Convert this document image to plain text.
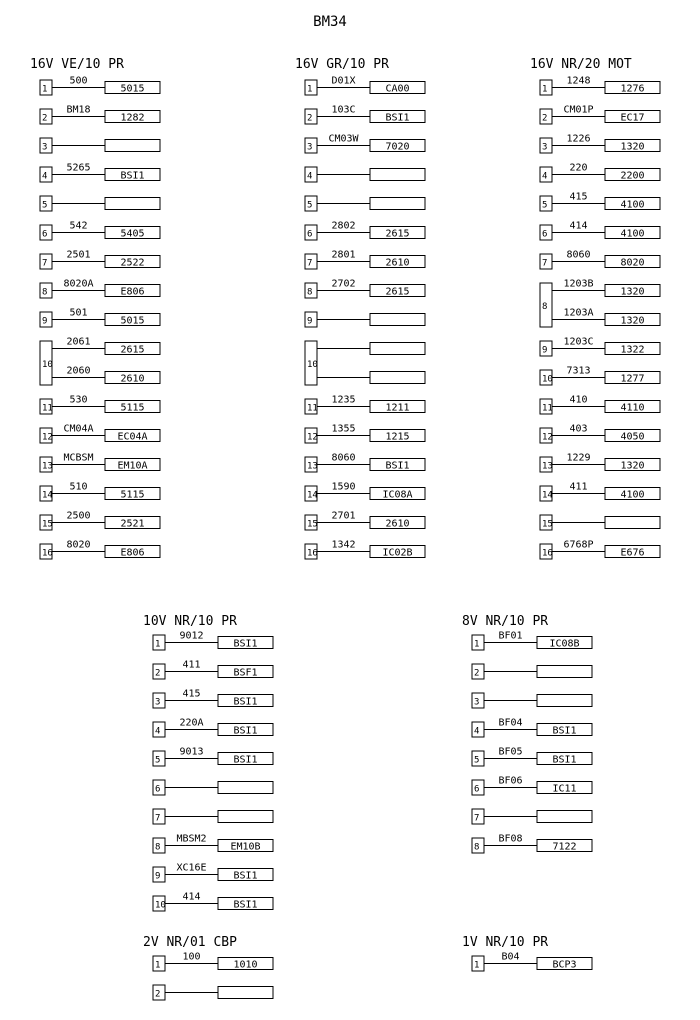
BM34
16V VE/10 PR
1
500
5015
2
BM18
1282
3
4
5265
BSI1
5
6
542
5405
7
2501
2522
8
8020A
E806
9
501
5015
10
2061
2615
2060
2610
11
530
5115
12
CM04A
EC04A
13
MCBSM
EM10A
14
510
5115
15
2500
2521
16
8020
E806
16V GR/10 PR
1
D01X
CA00
2
103C
BSI1
3
CM03W
7020
4
5
6
2802
2615
7
2801
2610
8
2702
2615
9
10
11
1235
1211
12
1355
1215
13
8060
BSI1
14
1590
IC08A
15
2701
2610
16
1342
IC02B
16V NR/20 MOT
1
1248
1276
2
CM01P
EC17
3
1226
1320
4
220
2200
5
415
4100
6
414
4100
7
8060
8020
8
1203B
1320
1203A
1320
9
1203C
1322
10
7313
1277
11
410
4110
12
403
4050
13
1229
1320
14
411
4100
15
16
6768P
E676
10V NR/10 PR
1
9012
BSI1
2
411
BSF1
3
415
BSI1
4
220A
BSI1
5
9013
BSI1
6
7
8
MBSM2
EM10B
9
XC16E
BSI1
10
414
BSI1
8V NR/10 PR
1
BF01
IC08B
2
3
4
BF04
BSI1
5
BF05
BSI1
6
BF06
IC11
7
8
BF08
7122
2V NR/01 CBP
1
100
1010
2
1V NR/10 PR
1
B04
BCP3
